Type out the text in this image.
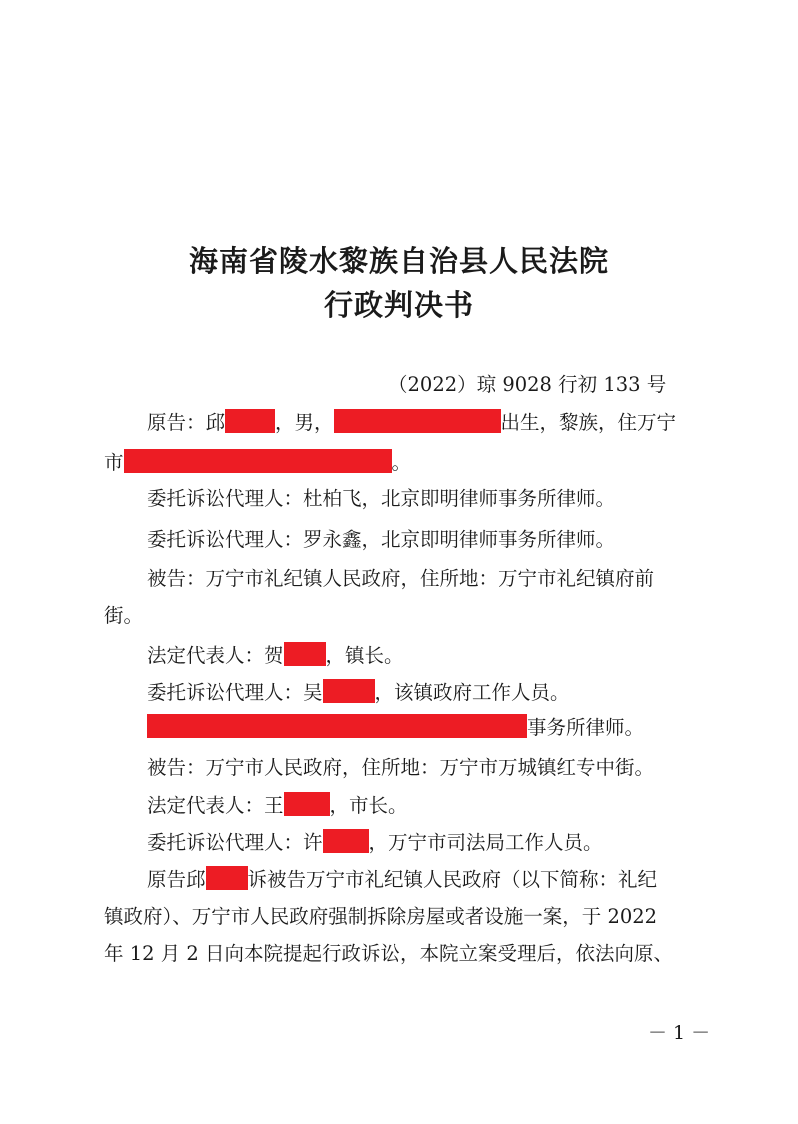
海南省陵水黎族自治县人民法院
行政判决书
（2022）琼 9028 行初 133 号
原告：邱	，男，	出生，黎族，住万宁
市	。
委托诉讼代理人：杜柏飞，北京即明律师事务所律师。
委托诉讼代理人：罗永鑫，北京即明律师事务所律师。
被告：万宁市礼纪镇人民政府，住所地：万宁市礼纪镇府前
街。
法定代表人：贺 ，镇长。
委托诉讼代理人：吴	，该镇政府工作人员。
事务所律师。
被告：万宁市人民政府，住所地：万宁市万城镇红专中街。
法定代表人：王 ，市长。
委托诉讼代理人：许 ，万宁市司法局工作人员。
原告邱 诉被告万宁市礼纪镇人民政府（以下简称：礼纪
镇政府）、万宁市人民政府强制拆除房屋或者设施一案，于 2022
年 12 月 2 日向本院提起行政诉讼，本院立案受理后，依法向原、
－ 1 －
